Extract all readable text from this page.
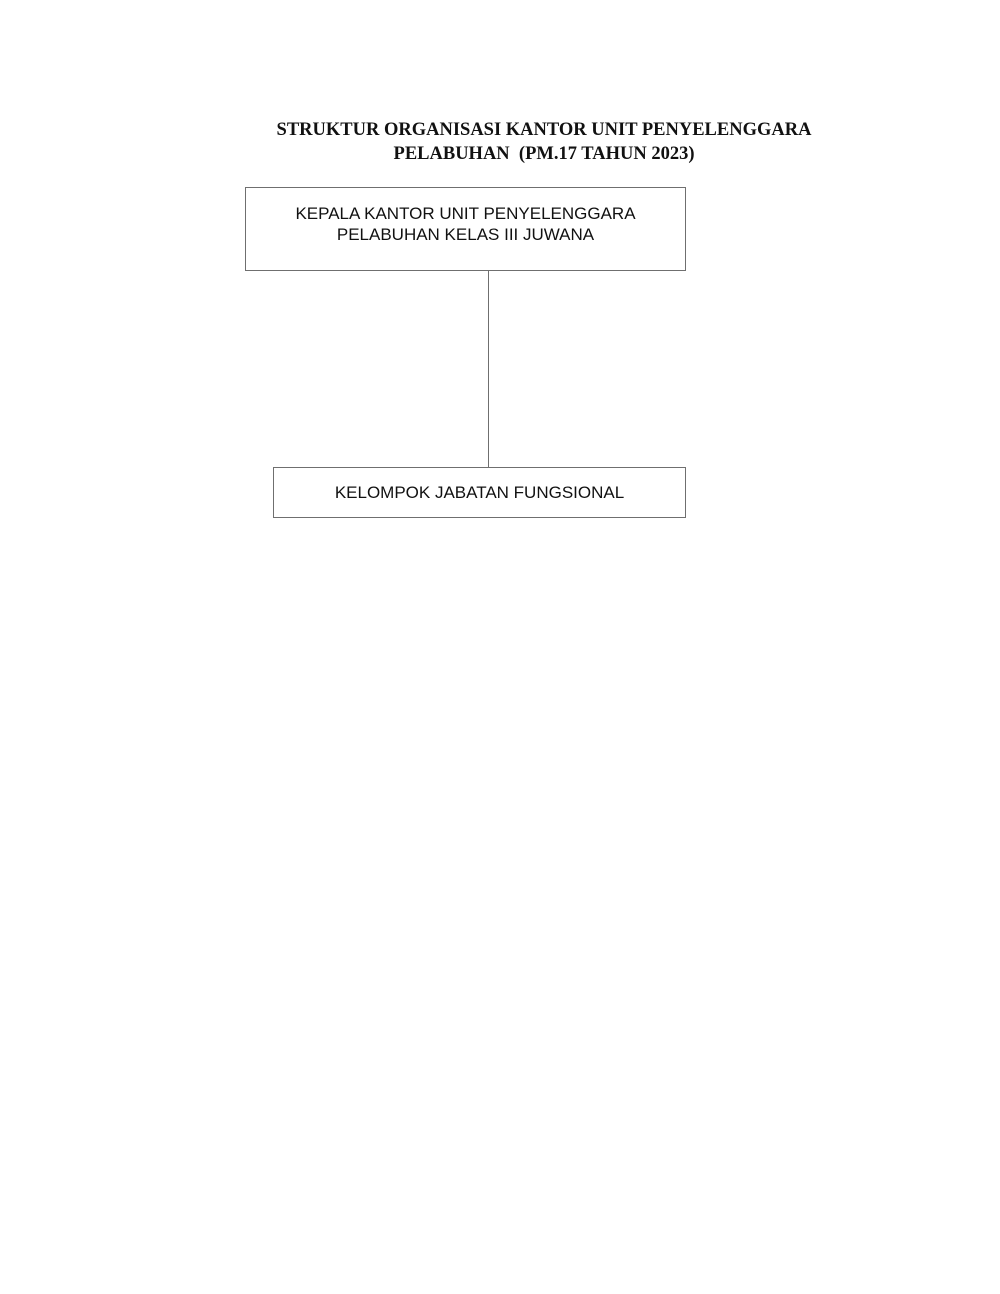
STRUKTUR ORGANISASI KANTOR UNIT PENYELENGGARA
PELABUHAN  (PM.17 TAHUN 2023)
KEPALA KANTOR UNIT PENYELENGGARA
PELABUHAN KELAS III JUWANA
KELOMPOK JABATAN FUNGSIONAL
